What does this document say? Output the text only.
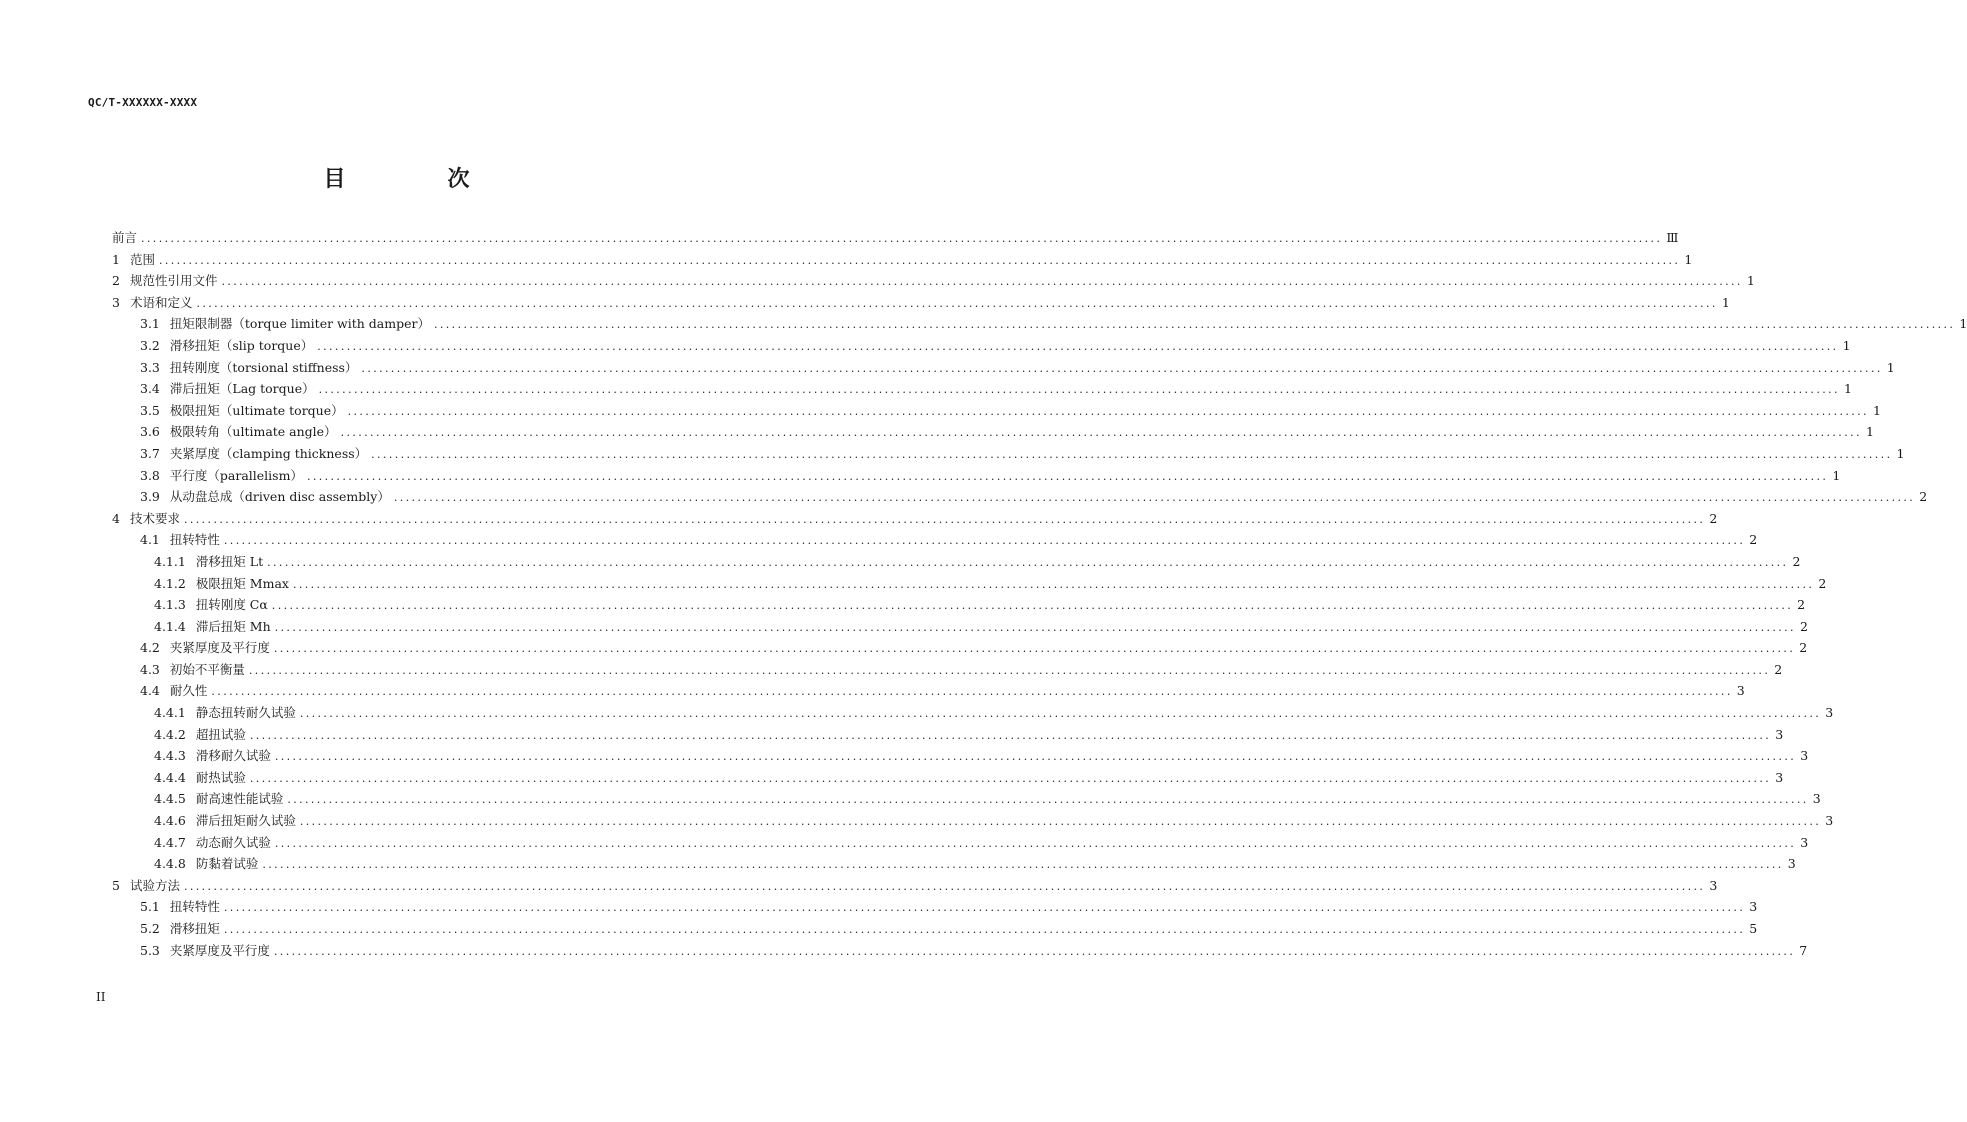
QC/T-XXXXXX-XXXX

目　次
前言 .....	Ⅲ
1 范围 .....	1
2 规范性引用文件 .....	1
3 术语和定义 .....	1
3.1 扭矩限制器（torque limiter with damper） .....	1
3.2 滑移扭矩（slip torque） .....	1
3.3 扭转刚度（torsional stiffness） .....	1
3.4 滞后扭矩（Lag torque） .....	1
3.5 极限扭矩（ultimate torque） .....	1
3.6 极限转角（ultimate angle） .....	1
3.7 夹紧厚度（clamping thickness） .....	1
3.8 平行度（parallelism） .....	1
3.9 从动盘总成（driven disc assembly） .....	2
4 技术要求 .....	2
4.1 扭转特性 .....	2
4.1.1 滑移扭矩 Lt .....	2
4.1.2 极限扭矩 Mmax .....	2
4.1.3 扭转刚度 Cα .....	2
4.1.4 滞后扭矩 Mh .....	2
4.2 夹紧厚度及平行度 .....	2
4.3 初始不平衡量 .....	2
4.4 耐久性 .....	3
4.4.1 静态扭转耐久试验 .....	3
4.4.2 超扭试验 .....	3
4.4.3 滑移耐久试验 .....	3
4.4.4 耐热试验 .....	3
4.4.5 耐高速性能试验 .....	3
4.4.6 滞后扭矩耐久试验 .....	3
4.4.7 动态耐久试验 .....	3
4.4.8 防黏着试验 .....	3
5 试验方法 .....	3
5.1 扭转特性 .....	3
5.2 滑移扭矩 .....	5
5.3 夹紧厚度及平行度 .....	7

II
